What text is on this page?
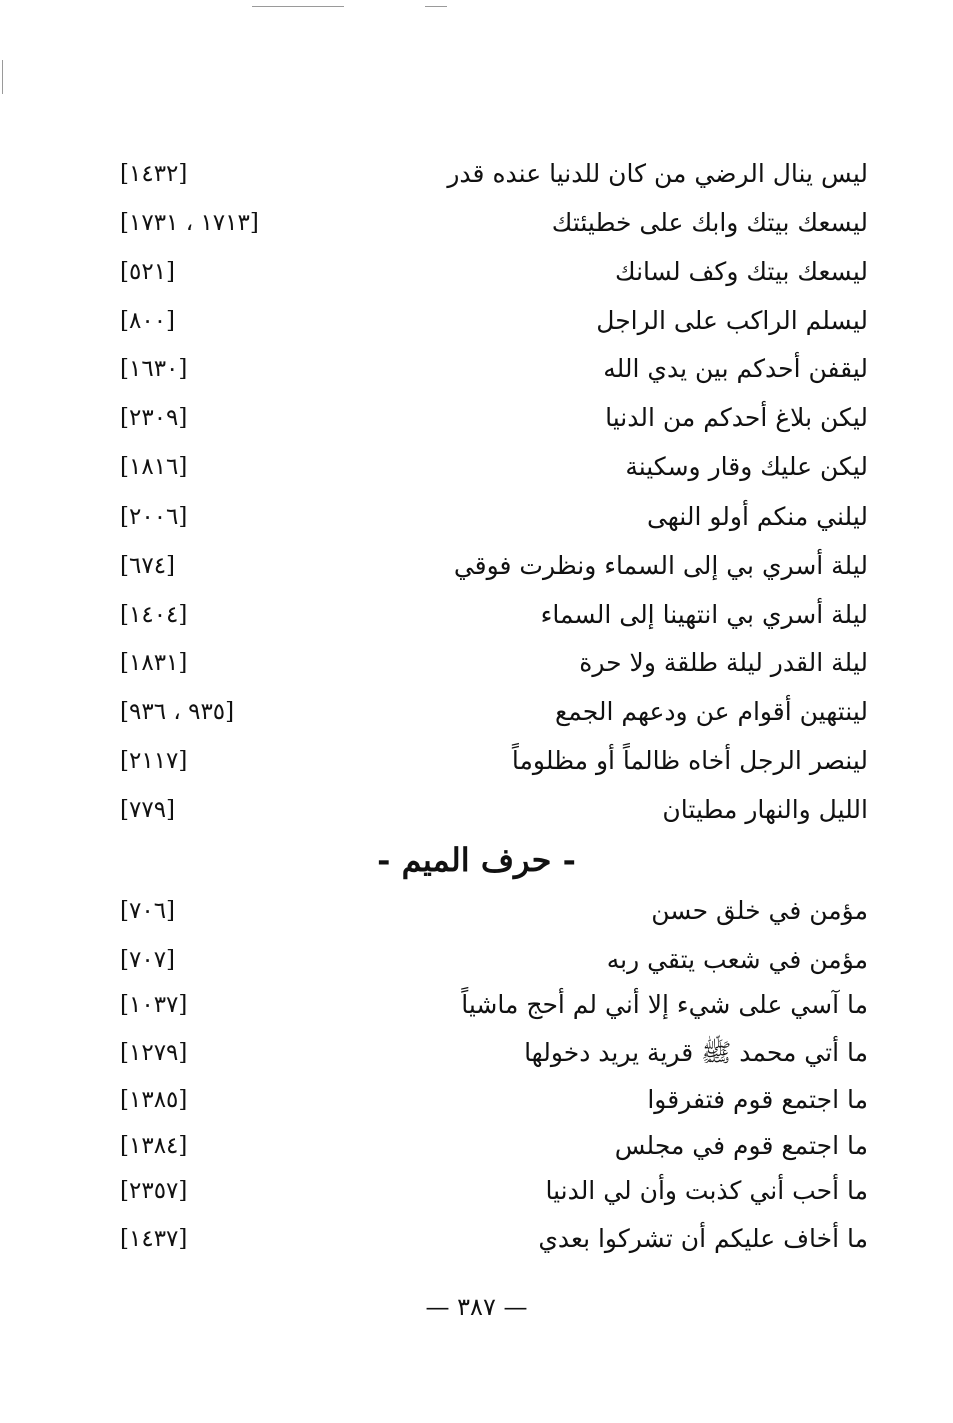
ليس ينال الرضي من كان للدنيا عنده قدر
[١٤٣٢]
ليسعك بيتك وابك على خطيئتك
[١٧١٣ ، ١٧٣١]
ليسعك بيتك وكف لسانك
[٥٢١]
ليسلم الراكب على الراجل
[٨٠٠]
ليقفن أحدكم بين يدي الله
[١٦٣٠]
ليكن بلاغ أحدكم من الدنيا
[٢٣٠٩]
ليكن عليك وقار وسكينة
[١٨١٦]
ليلني منكم أولو النهى
[٢٠٠٦]
ليلة أسري بي إلى السماء ونظرت فوقي
[٦٧٤]
ليلة أسري بي انتهينا إلى السماء
[١٤٠٤]
ليلة القدر ليلة طلقة ولا حرة
[١٨٣١]
لينتهين أقوام عن ودعهم الجمع
[٩٣٥ ، ٩٣٦]
لينصر الرجل أخاه ظالماً أو مظلوماً
[٢١١٧]
الليل والنهار مطيتان
[٧٧٩]
- حرف الميم -
مؤمن في خلق حسن
[٧٠٦]
مؤمن في شعب يتقي ربه
[٧٠٧]
ما آسي على شيء إلا أني لم أحج ماشياً
[١٠٣٧]
ما أتي محمد ﷺ قرية يريد دخولها
[١٢٧٩]
ما اجتمع قوم فتفرقوا
[١٣٨٥]
ما اجتمع قوم في مجلس
[١٣٨٤]
ما أحب أني كذبت وأن لي الدنيا
[٢٣٥٧]
ما أخاف عليكم أن تشركوا بعدي
[١٤٣٧]
— ٣٨٧ —
